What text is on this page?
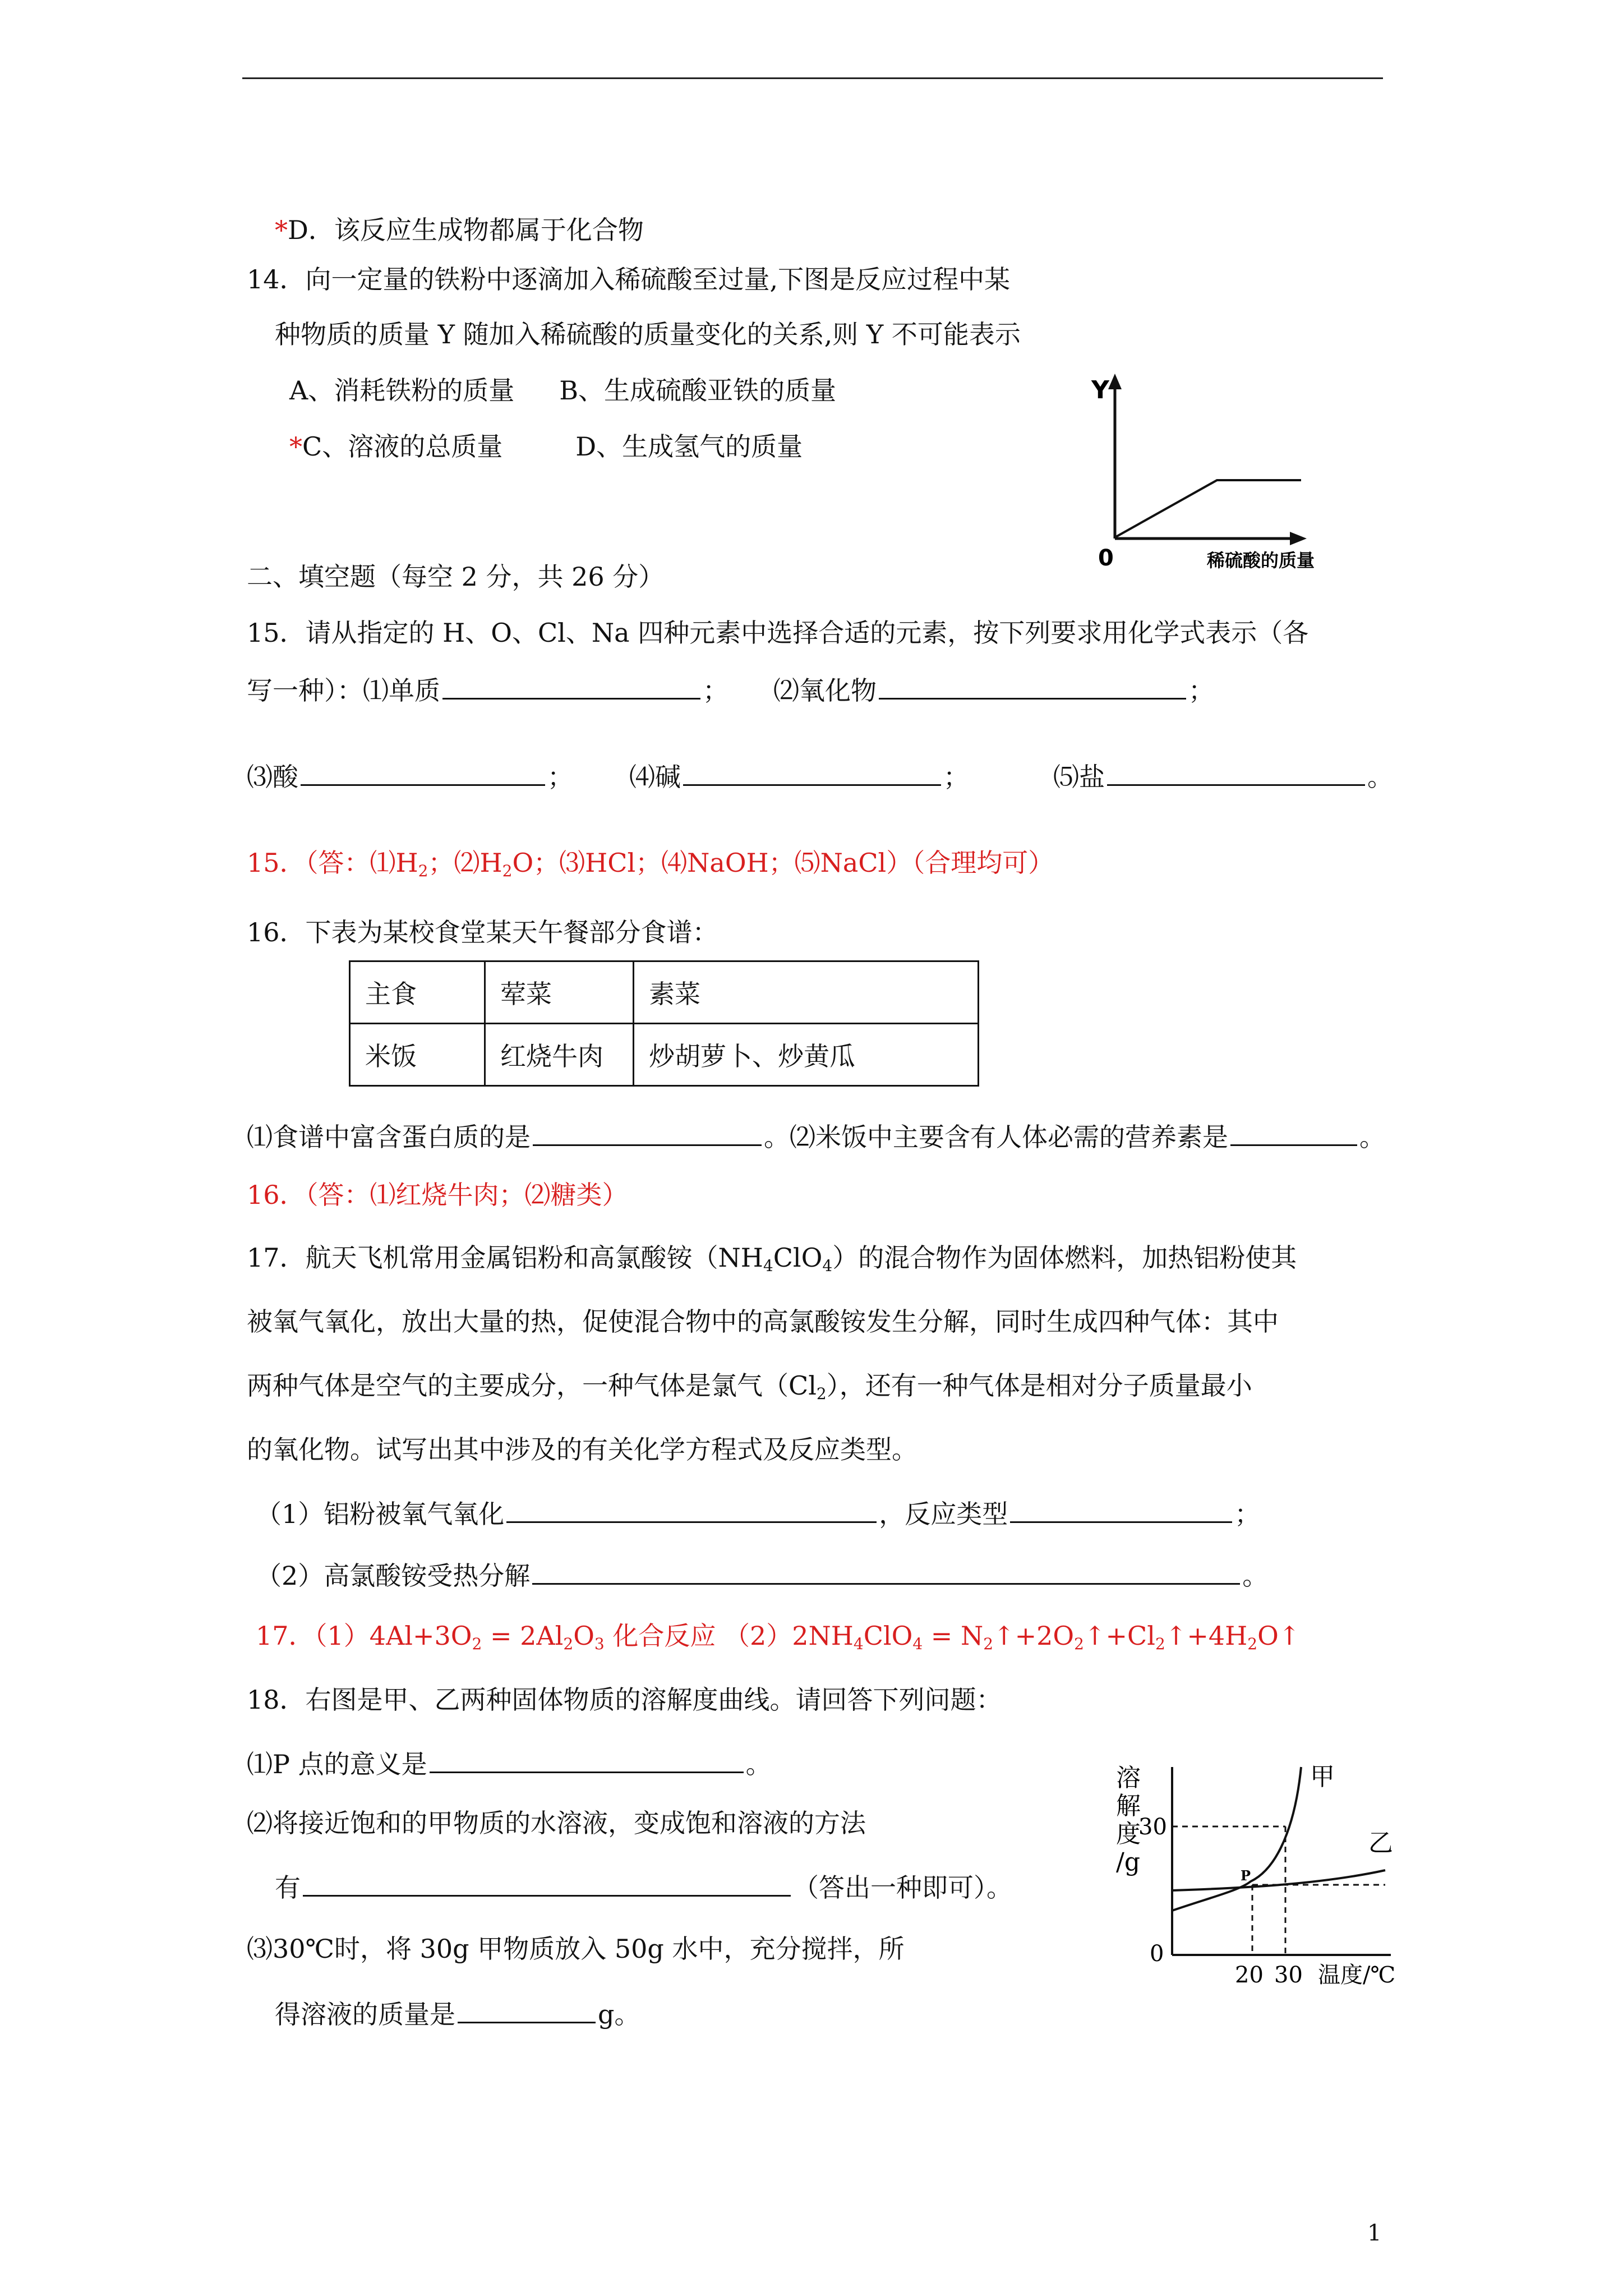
*D．该反应生成物都属于化合物
14．向一定量的铁粉中逐滴加入稀硫酸至过量,下图是反应过程中某
种物质的质量 Y 随加入稀硫酸的质量变化的关系,则 Y 不可能表示
A、消耗铁粉的质量 B、生成硫酸亚铁的质量
*C、溶液的总质量	D、生成氢气的质量
Y
0	稀硫酸的质量
二、填空题（每空 2 分，共 26 分）
15．请从指定的 H、O、Cl、Na 四种元素中选择合适的元素，按下列要求用化学式表示（各
写一种）：⑴单质	； ⑵氧化物	；
⑶酸	； ⑷碱	；	⑸盐	。
15．（答：$⑴H_2$；$⑵H_2O$；⑶HCl；⑷NaOH；⑸NaCl）（合理均可）
16．下表为某校食堂某天午餐部分食谱：
主食	荤菜	素菜
米饭	红烧牛肉	炒胡萝卜、炒黄瓜
⑴食谱中富含蛋白质的是	。⑵米饭中主要含有人体必需的营养素是	。
16．（答：⑴红烧牛肉；⑵糖类）
17．航天飞机常用金属铝粉和高氯酸铵$(NH_4ClO_4)$的混合物作为固体燃料，加热铝粉使其
被氧气氧化，放出大量的热，促使混合物中的高氯酸铵发生分解，同时生成四种气体：其中
两种气体是空气的主要成分，一种气体是氯气$(Cl_2)$，还有一种气体是相对分子质量最小
的氧化物。试写出其中涉及的有关化学方程式及反应类型。
（1）铝粉被氧气氧化	，反应类型	；
（2）高氯酸铵受热分解	。
17．$(1)4Al+3O_2 = 2Al_2O_3$ 化合反应 $(2)2NH_4ClO_4$ = $N_2↑+2O_2↑+Cl_2↑+4H_2O↑$
18．右图是甲、乙两种固体物质的溶解度曲线。请回答下列问题：
⑴P 点的意义是	。
⑵将接近饱和的甲物质的水溶液，变成饱和溶液的方法
有	（答出一种即可）。
⑶30℃时，将 30g 甲物质放入 50g 水中，充分搅拌，所
得溶液的质量是	g。
溶
解
度
/g
30
0
20 30 温度/℃
甲
乙
P
1
